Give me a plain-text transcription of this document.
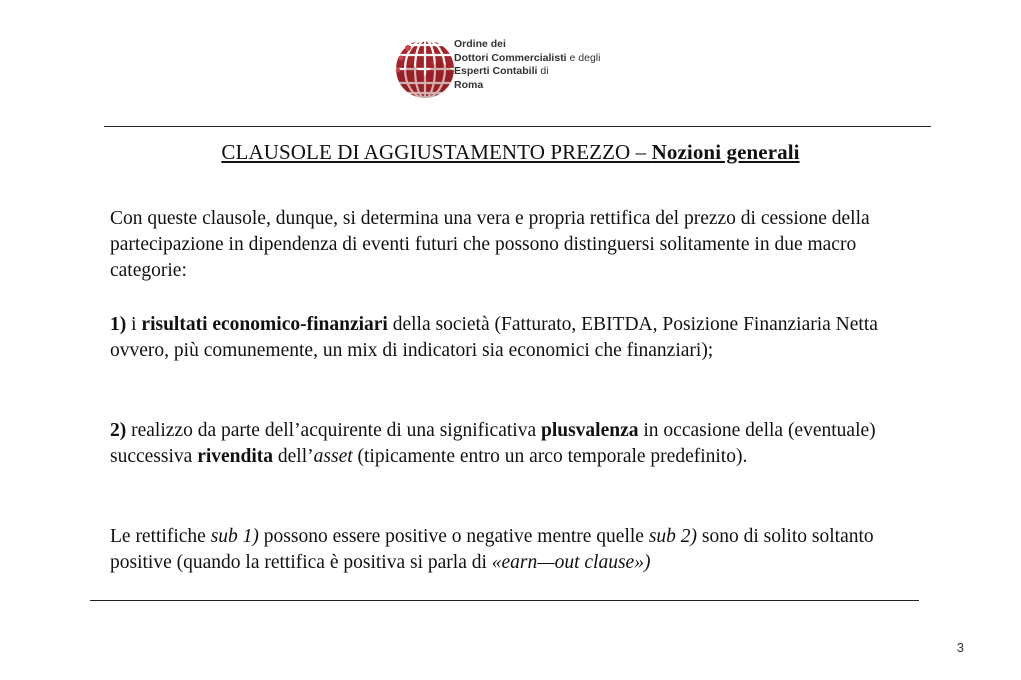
Ordine dei
Dottori Commercialisti e degli
Esperti Contabili di
Roma
CLAUSOLE DI AGGIUSTAMENTO PREZZO – Nozioni generali
Con queste clausole, dunque, si determina una vera e propria rettifica del prezzo di cessione della partecipazione in dipendenza di eventi futuri che possono distinguersi solitamente in due macro categorie:
1) i risultati economico-finanziari della società (Fatturato, EBITDA, Posizione Finanziaria Netta ovvero, più comunemente, un mix di indicatori sia economici che finanziari);
2) realizzo da parte dell’acquirente di una significativa plusvalenza in occasione della (eventuale) successiva rivendita dell’asset (tipicamente entro un arco temporale predefinito).
Le rettifiche sub 1) possono essere positive o negative mentre quelle sub 2) sono di solito soltanto positive (quando la rettifica è positiva si parla di «earn—out clause»)
3
